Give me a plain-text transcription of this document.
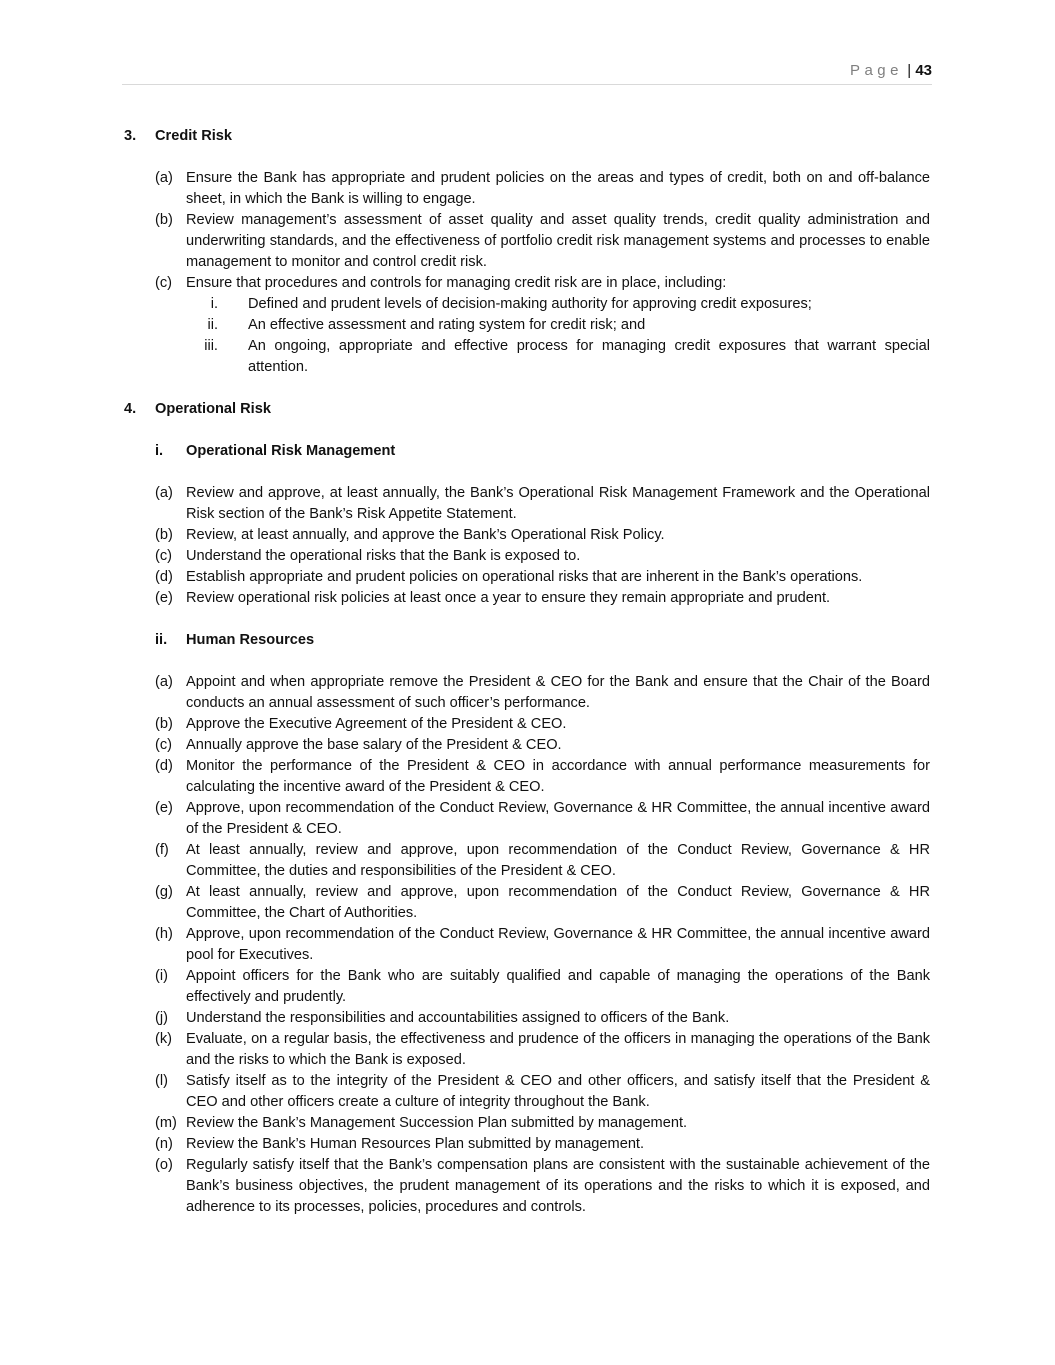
Page | 43
3. Credit Risk
(a) Ensure the Bank has appropriate and prudent policies on the areas and types of credit, both on and off-balance sheet, in which the Bank is willing to engage.
(b) Review management’s assessment of asset quality and asset quality trends, credit quality administration and underwriting standards, and the effectiveness of portfolio credit risk management systems and processes to enable management to monitor and control credit risk.
(c) Ensure that procedures and controls for managing credit risk are in place, including:
i. Defined and prudent levels of decision-making authority for approving credit exposures;
ii. An effective assessment and rating system for credit risk; and
iii. An ongoing, appropriate and effective process for managing credit exposures that warrant special attention.
4. Operational Risk
i. Operational Risk Management
(a) Review and approve, at least annually, the Bank’s Operational Risk Management Framework and the Operational Risk section of the Bank’s Risk Appetite Statement.
(b) Review, at least annually, and approve the Bank’s Operational Risk Policy.
(c) Understand the operational risks that the Bank is exposed to.
(d) Establish appropriate and prudent policies on operational risks that are inherent in the Bank’s operations.
(e) Review operational risk policies at least once a year to ensure they remain appropriate and prudent.
ii. Human Resources
(a) Appoint and when appropriate remove the President & CEO for the Bank and ensure that the Chair of the Board conducts an annual assessment of such officer’s performance.
(b) Approve the Executive Agreement of the President & CEO.
(c) Annually approve the base salary of the President & CEO.
(d) Monitor the performance of the President & CEO in accordance with annual performance measurements for calculating the incentive award of the President & CEO.
(e) Approve, upon recommendation of the Conduct Review, Governance & HR Committee, the annual incentive award of the President & CEO.
(f) At least annually, review and approve, upon recommendation of the Conduct Review, Governance & HR Committee, the duties and responsibilities of the President & CEO.
(g) At least annually, review and approve, upon recommendation of the Conduct Review, Governance & HR Committee, the Chart of Authorities.
(h) Approve, upon recommendation of the Conduct Review, Governance & HR Committee, the annual incentive award pool for Executives.
(i) Appoint officers for the Bank who are suitably qualified and capable of managing the operations of the Bank effectively and prudently.
(j) Understand the responsibilities and accountabilities assigned to officers of the Bank.
(k) Evaluate, on a regular basis, the effectiveness and prudence of the officers in managing the operations of the Bank and the risks to which the Bank is exposed.
(l) Satisfy itself as to the integrity of the President & CEO and other officers, and satisfy itself that the President & CEO and other officers create a culture of integrity throughout the Bank.
(m) Review the Bank’s Management Succession Plan submitted by management.
(n) Review the Bank’s Human Resources Plan submitted by management.
(o) Regularly satisfy itself that the Bank’s compensation plans are consistent with the sustainable achievement of the Bank’s business objectives, the prudent management of its operations and the risks to which it is exposed, and adherence to its processes, policies, procedures and controls.
